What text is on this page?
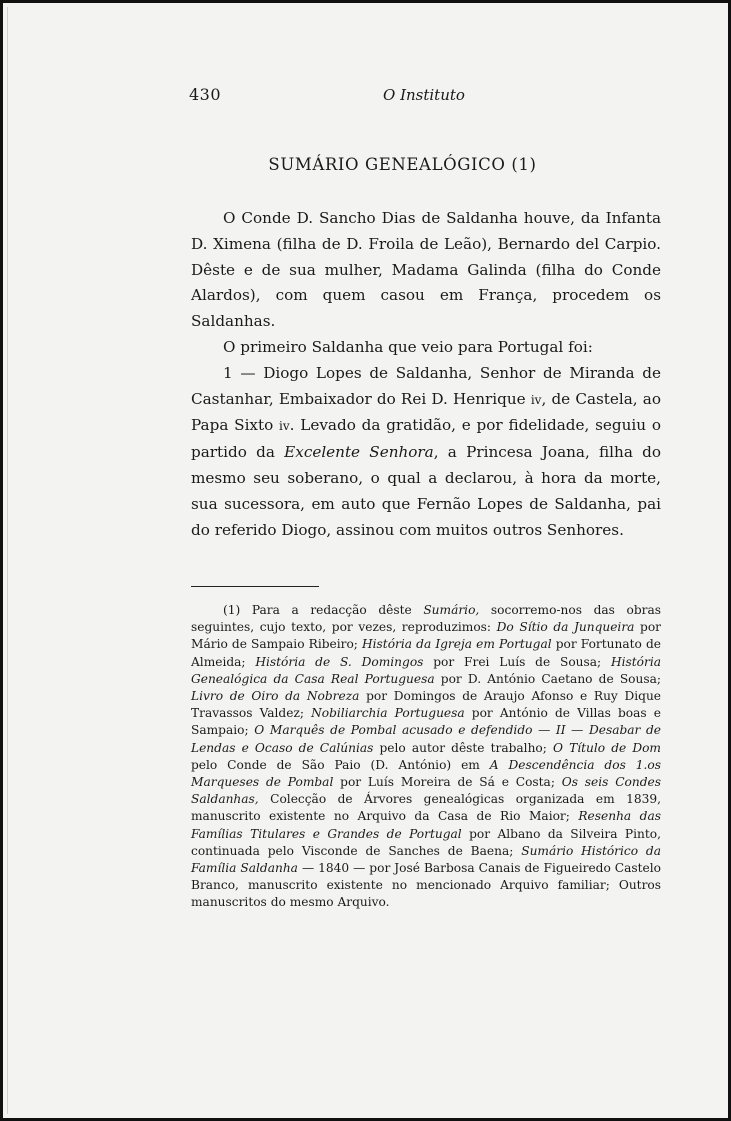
430	O Instituto
SUMÁRIO GENEALÓGICO (1)

O Conde D. Sancho Dias de Saldanha houve, da Infanta D. Ximena (filha de D. Froila de Leão), Bernardo del Carpio. Dêste e de sua mulher, Madama Galinda (filha do Conde Alardos), com quem casou em França, procedem os Saldanhas.

O primeiro Saldanha que veio para Portugal foi:

1 — Diogo Lopes de Saldanha, Senhor de Miranda de Castanhar, Embaixador do Rei D. Henrique iv, de Castela, ao Papa Sixto iv. Levado da gratidão, e por fidelidade, seguiu o partido da Excelente Senhora, a Princesa Joana, filha do mesmo seu soberano, o qual a declarou, à hora da morte, sua sucessora, em auto que Fernão Lopes de Saldanha, pai do referido Diogo, assinou com muitos outros Senhores.

(1) Para a redacção dêste Sumário, socorremo-nos das obras seguintes, cujo texto, por vezes, reproduzimos: Do Sítio da Junqueira por Mário de Sampaio Ribeiro; História da Igreja em Portugal por Fortunato de Almeida; História de S. Domingos por Frei Luís de Sousa; História Genealógica da Casa Real Portuguesa por D. António Caetano de Sousa; Livro de Oiro da Nobreza por Domingos de Araujo Afonso e Ruy Dique Travassos Valdez; Nobiliarchia Portuguesa por António de Villas boas e Sampaio; O Marquês de Pombal acusado e defendido — II — Desabar de Lendas e Ocaso de Calúnias pelo autor dêste trabalho; O Título de Dom pelo Conde de São Paio (D. António) em A Descendência dos 1.os Marqueses de Pombal por Luís Moreira de Sá e Costa; Os seis Condes Saldanhas, Colecção de Árvores genealógicas organizada em 1839, manuscrito existente no Arquivo da Casa de Rio Maior; Resenha das Famílias Titulares e Grandes de Portugal por Albano da Silveira Pinto, continuada pelo Visconde de Sanches de Baena; Sumário Histórico da Família Saldanha — 1840 — por José Barbosa Canais de Figueiredo Castelo Branco, manuscrito existente no mencionado Arquivo familiar; Outros manuscritos do mesmo Arquivo.
